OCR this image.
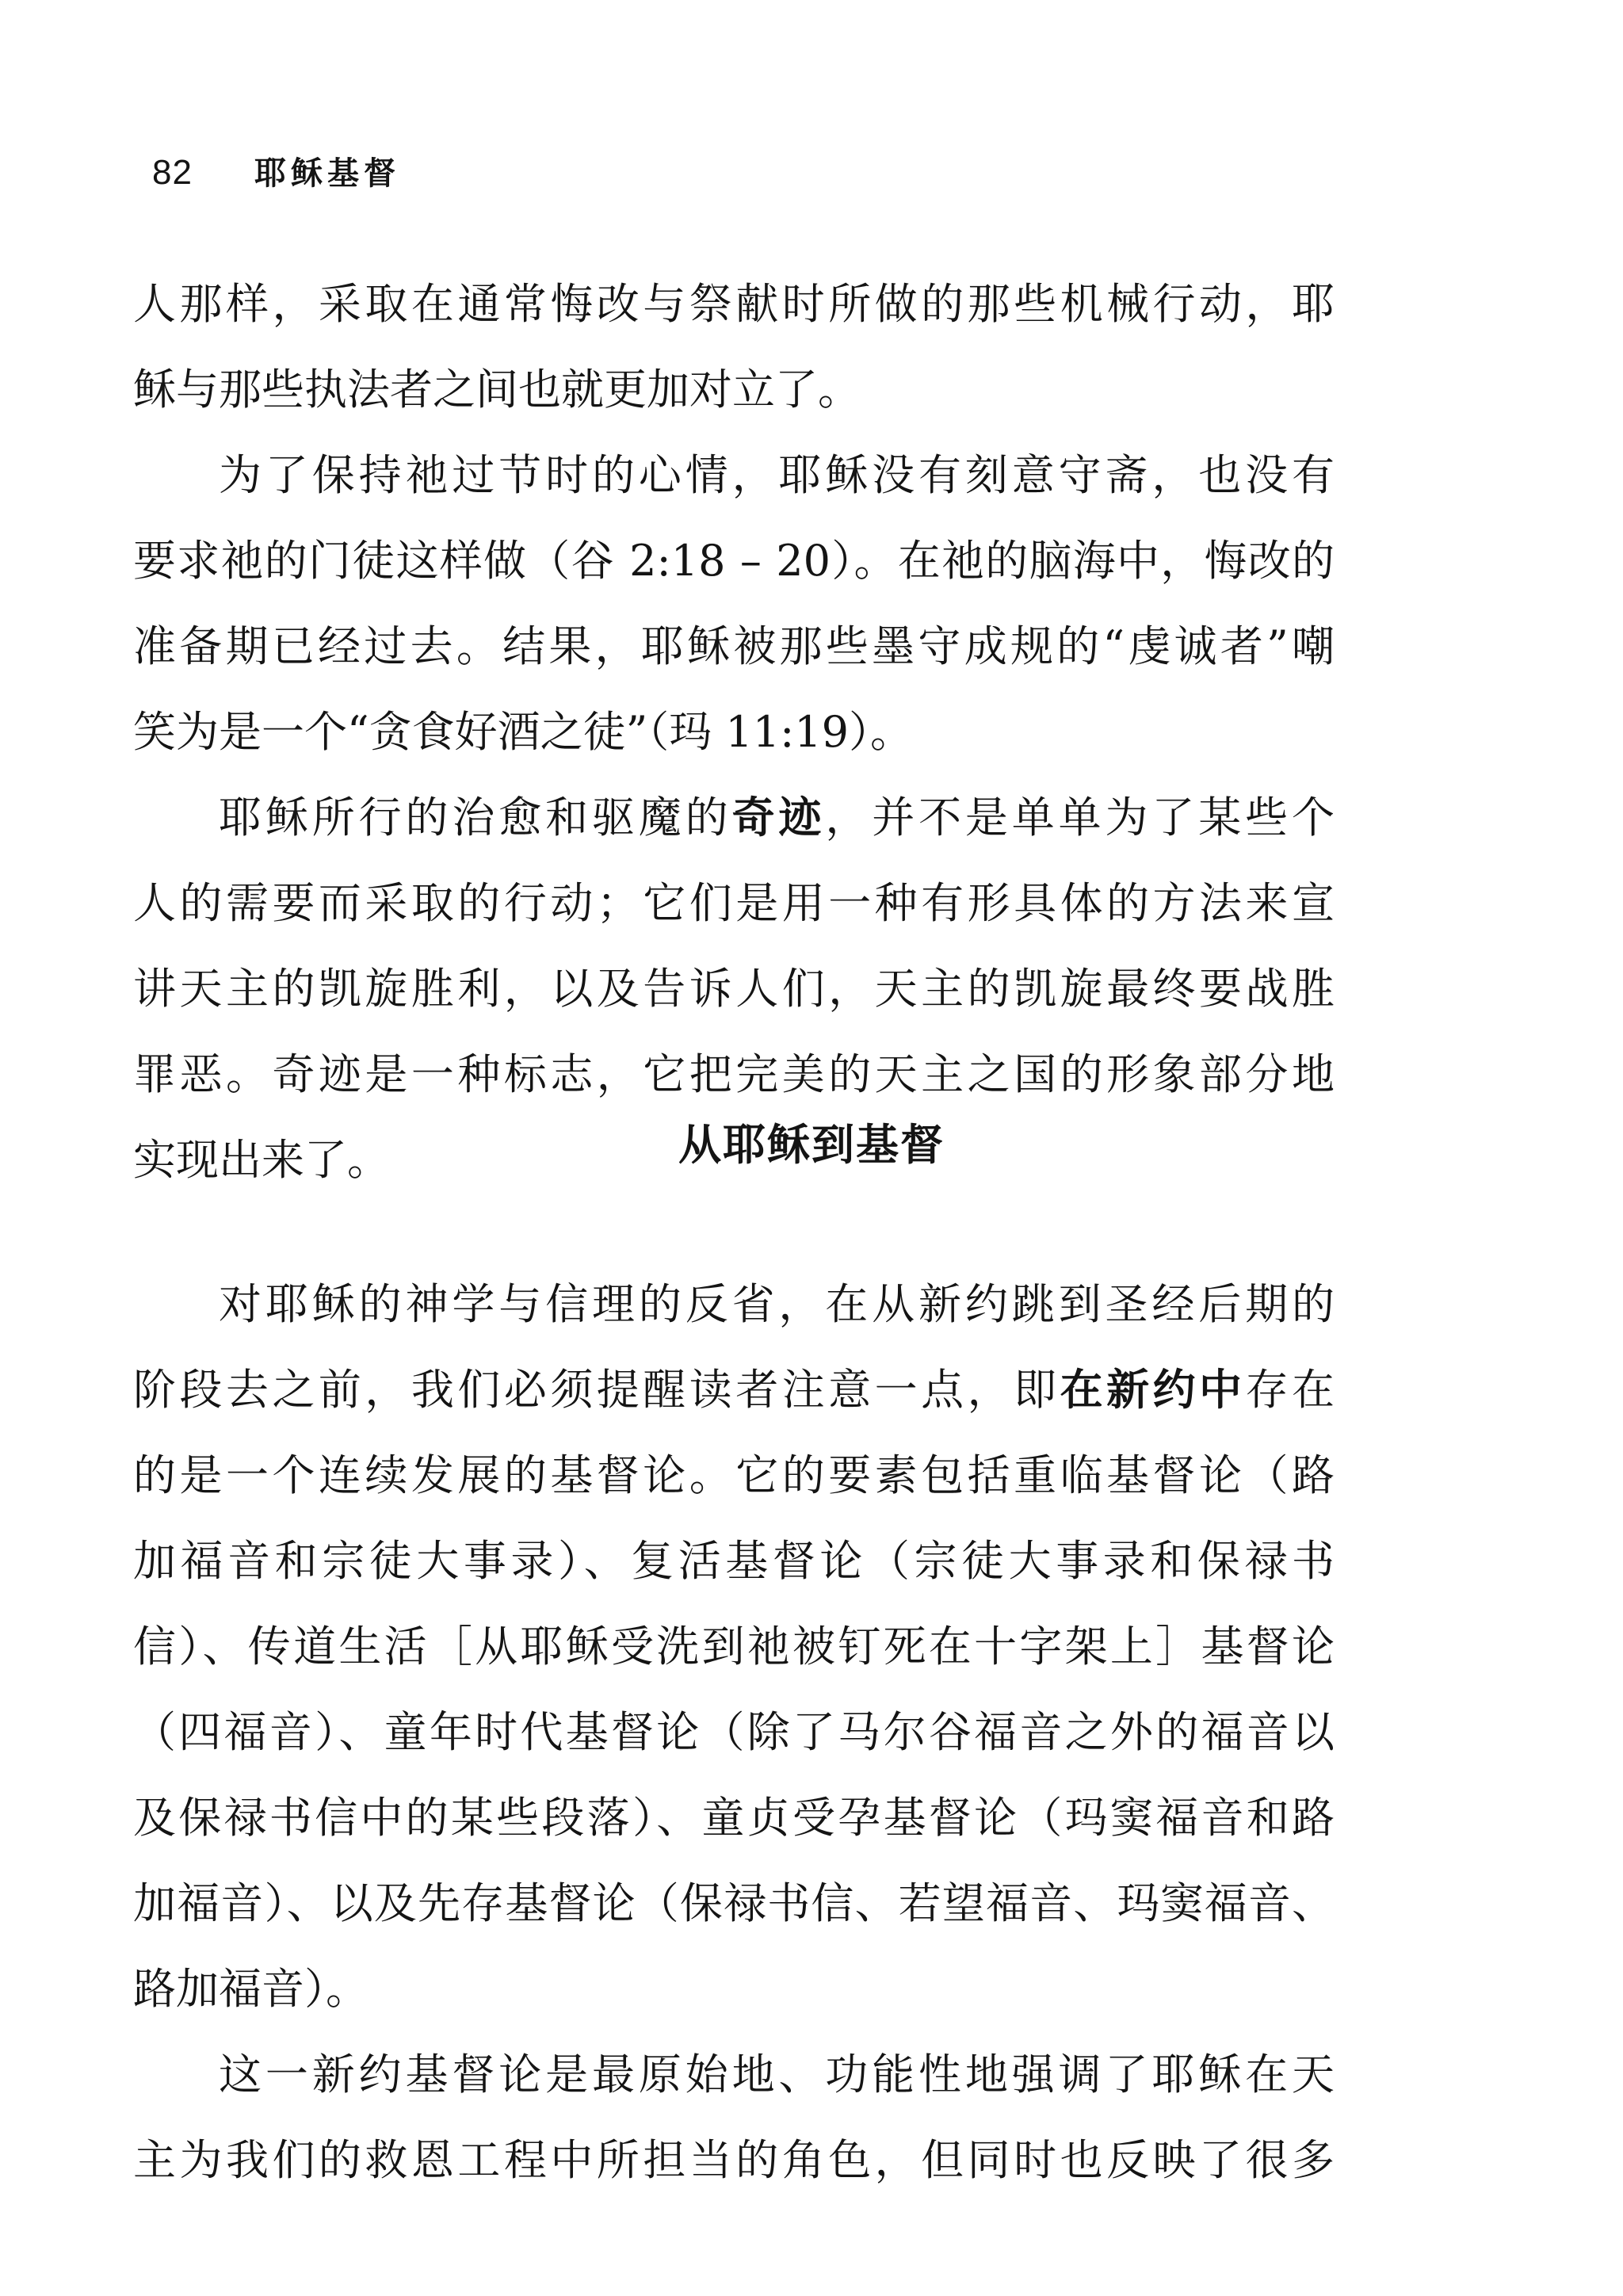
82 耶稣基督
人那样，采取在通常悔改与祭献时所做的那些机械行动，耶
稣与那些执法者之间也就更加对立了。
为了保持祂过节时的心情，耶稣没有刻意守斋，也没有
要求祂的门徒这样做（谷 2:18 – 20）。在祂的脑海中，悔改的
准备期已经过去。结果，耶稣被那些墨守成规的“虔诚者”嘲
笑为是一个“贪食好酒之徒”（玛 11:19）。
耶稣所行的治愈和驱魔的奇迹，并不是单单为了某些个
人的需要而采取的行动；它们是用一种有形具体的方法来宣
讲天主的凯旋胜利，以及告诉人们，天主的凯旋最终要战胜
罪恶。奇迹是一种标志，它把完美的天主之国的形象部分地
实现出来了。	从耶稣到基督
对耶稣的神学与信理的反省，在从新约跳到圣经后期的
阶段去之前，我们必须提醒读者注意一点，即在新约中存在
的是一个连续发展的基督论。它的要素包括重临基督论（路
加福音和宗徒大事录）、复活基督论（宗徒大事录和保禄书
信）、传道生活［从耶稣受洗到祂被钉死在十字架上］基督论
（四福音）、童年时代基督论（除了马尔谷福音之外的福音以
及保禄书信中的某些段落）、童贞受孕基督论（玛窦福音和路
加福音）、以及先存基督论（保禄书信、若望福音、玛窦福音、
路加福音）。
这一新约基督论是最原始地、功能性地强调了耶稣在天
主为我们的救恩工程中所担当的角色，但同时也反映了很多
